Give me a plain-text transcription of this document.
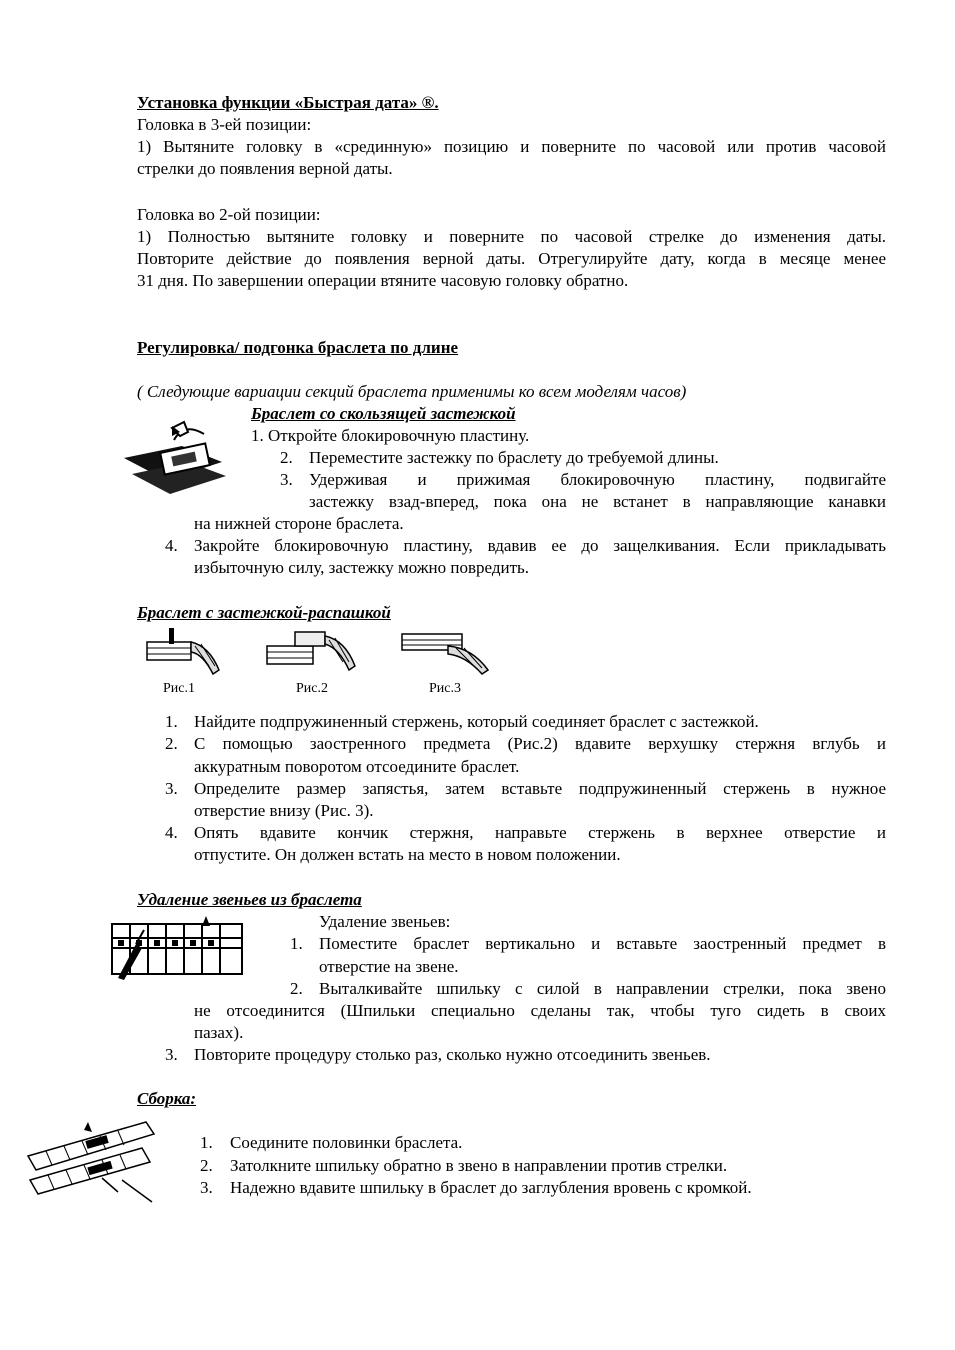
Установка функции «Быстрая дата» ®.
Головка в 3-ей позиции:
1) Вытяните головку в «срединную» позицию и поверните по часовой или против часовой
стрелки до появления верной даты.
Головка во 2-ой позиции:
1) Полностью вытяните головку и поверните по часовой стрелке до изменения даты.
Повторите действие до появления верной даты. Отрегулируйте дату, когда в месяце менее
31 дня. По завершении операции втяните часовую головку обратно.
Регулировка/ подгонка браслета по длине
( Следующие вариации секций браслета применимы ко всем моделям часов)
Браслет со скользящей застежкой
1. Откройте блокировочную пластину.
2. Переместите застежку по браслету до требуемой длины.
3. Удерживая и прижимая блокировочную пластину, подвигайте
застежку взад-вперед, пока она не встанет в направляющие канавки
на нижней стороне браслета.
4. Закройте блокировочную пластину, вдавив ее до защелкивания. Если прикладывать
избыточную силу, застежку можно повредить.
Браслет с застежкой-распашкой
Рис.1	Рис.2	Рис.3
1. Найдите подпружиненный стержень, который соединяет браслет с застежкой.
2. С помощью заостренного предмета (Рис.2) вдавите верхушку стержня вглубь и
аккуратным поворотом отсоедините браслет.
3. Определите размер запястья, затем вставьте подпружиненный стержень в нужное
отверстие внизу (Рис. 3).
4. Опять вдавите кончик стержня, направьте стержень в верхнее отверстие и
отпустите. Он должен встать на место в новом положении.
Удаление звеньев из браслета
Удаление звеньев:
1. Поместите браслет вертикально и вставьте заостренный предмет в
отверстие на звене.
2. Выталкивайте шпильку с силой в направлении стрелки, пока звено
не отсоединится (Шпильки специально сделаны так, чтобы туго сидеть в своих
пазах).
3. Повторите процедуру столько раз, сколько нужно отсоединить звеньев.
Сборка:
1. Соедините половинки браслета.
2. Затолкните шпильку обратно в звено в направлении против стрелки.
3. Надежно вдавите шпильку в браслет до заглубления вровень с кромкой.
